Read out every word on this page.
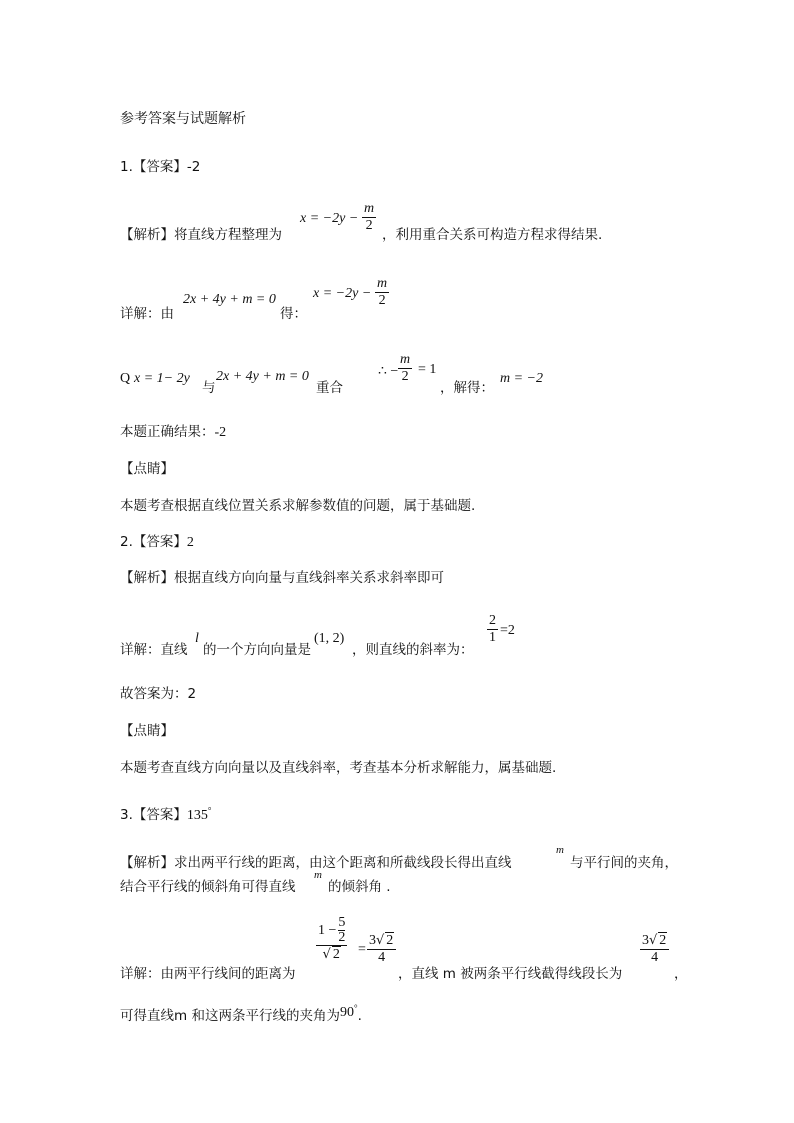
参考答案与试题解析
1.【答案】-2
【解析】将直线方程整理为
x = −2y −
m
2
，利用重合关系可构造方程求得结果.
详解：由
2x + 4y + m = 0
得：
x = −2y −
m
2
Q x = 1− 2y
与
2x + 4y + m = 0
重合
∴ −
m
2 = 1
，解得：
m = −2
本题正确结果：-2
【点睛】
本题考查根据直线位置关系求解参数值的问题，属于基础题.
2.【答案】2
【解析】根据直线方向向量与直线斜率关系求斜率即可
详解：直线
l
的一个方向向量是
(1, 2)
，则直线的斜率为：
2
1 =2
故答案为：2
【点睛】
本题考查直线方向向量以及直线斜率，考查基本分析求解能力，属基础题.
3.【答案】135°
【解析】求出两平行线的距离，由这个距离和所截线段长得出直线
m
与平行间的夹角，
结合平行线的倾斜角可得直线
m
的倾斜角 .
详解：由两平行线间的距离为
1 − 5
2
√ 2 =
3√ 2
4
，直线 m 被两条平行线截得线段长为
3√ 2
4
，
可得直线m 和这两条平行线的夹角为90°.
